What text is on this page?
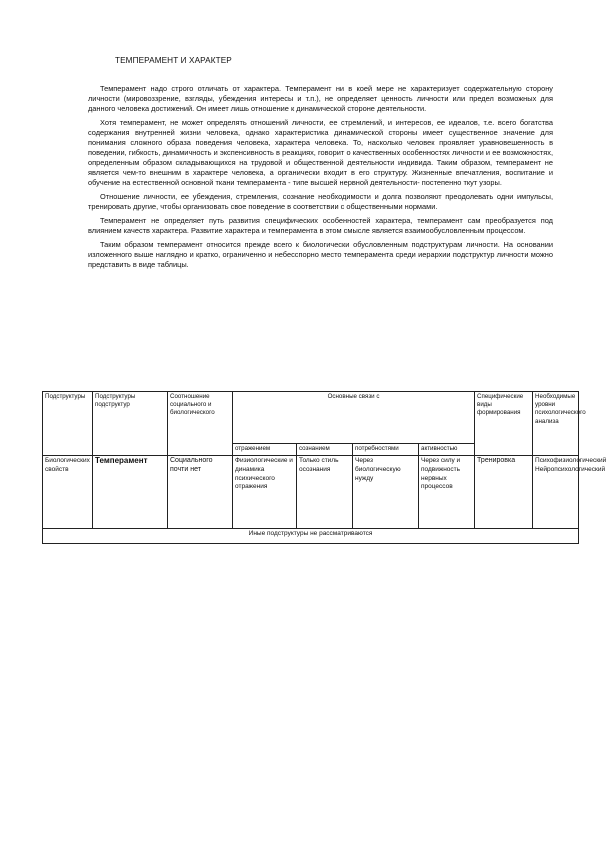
ТЕМПЕРАМЕНТ И ХАРАКТЕР

Темперамент надо строго отличать от характера. Темперамент ни в коей мере не характеризует содержательную сторону личности (мировоззрение, взгляды, убеждения интересы и т.п.), не определяет ценность личности или предел возможных для данного человека достижений. Он имеет лишь отношение к динамической стороне деятельности.

Хотя темперамент, не может определять отношений личности, ее стремлений, и интересов, ее идеалов, т.е. всего богатства содержания внутренней жизни человека, однако характеристика динамической стороны имеет существенное значение для понимания сложного образа поведения человека, характера человека. То, насколько человек проявляет уравновешенность в поведении, гибкость, динамичность и экспенсивность в реакциях, говорит о качественных особенностях личности и ее возможностях, определенным образом складывающихся на трудовой и общественной деятельности индивида. Таким образом, темперамент не является чем-то внешним в характере человека, а органически входит в его структуру. Жизненные впечатления, воспитание и обучение на естественной основной ткани темперамента - типе высшей нервной деятельности- постепенно ткут узоры.

Отношение личности, ее убеждения, стремления, сознание необходимости и долга позволяют преодолевать одни импульсы, тренировать другие, чтобы организовать свое поведение в соответствии с общественными нормами.

Темперамент не определяет путь развития специфических особенностей характера, темперамент сам преобразуется под влиянием качеств характера. Развитие характера и темперамента в этом смысле является взаимообусловленным процессом.

Таким образом темперамент относится прежде всего к биологически обусловленным подструктурам личности. На основании изложенного выше наглядно и кратко, ограниченно и небесспорно место темперамента среди иерархии подструктур личности можно представить в виде таблицы.

Подструктуры	Подструктуры подструктур	Соотношение социального и биологического	Основные связи с				Специфические виды формирования	Необходимые уровни психологического анализа
			отражением	сознанием	потребностями	активностью		
Биологических свойств	Темперамент	Социального почти нет	Физиологические и динамика психического отражения	Только стиль осознания	Через биологическую нужду	Через силу и подвижность нервных процессов	Тренировка	Психофизиологический Нейропсихологический
Иные подструктуры не рассматриваются								
